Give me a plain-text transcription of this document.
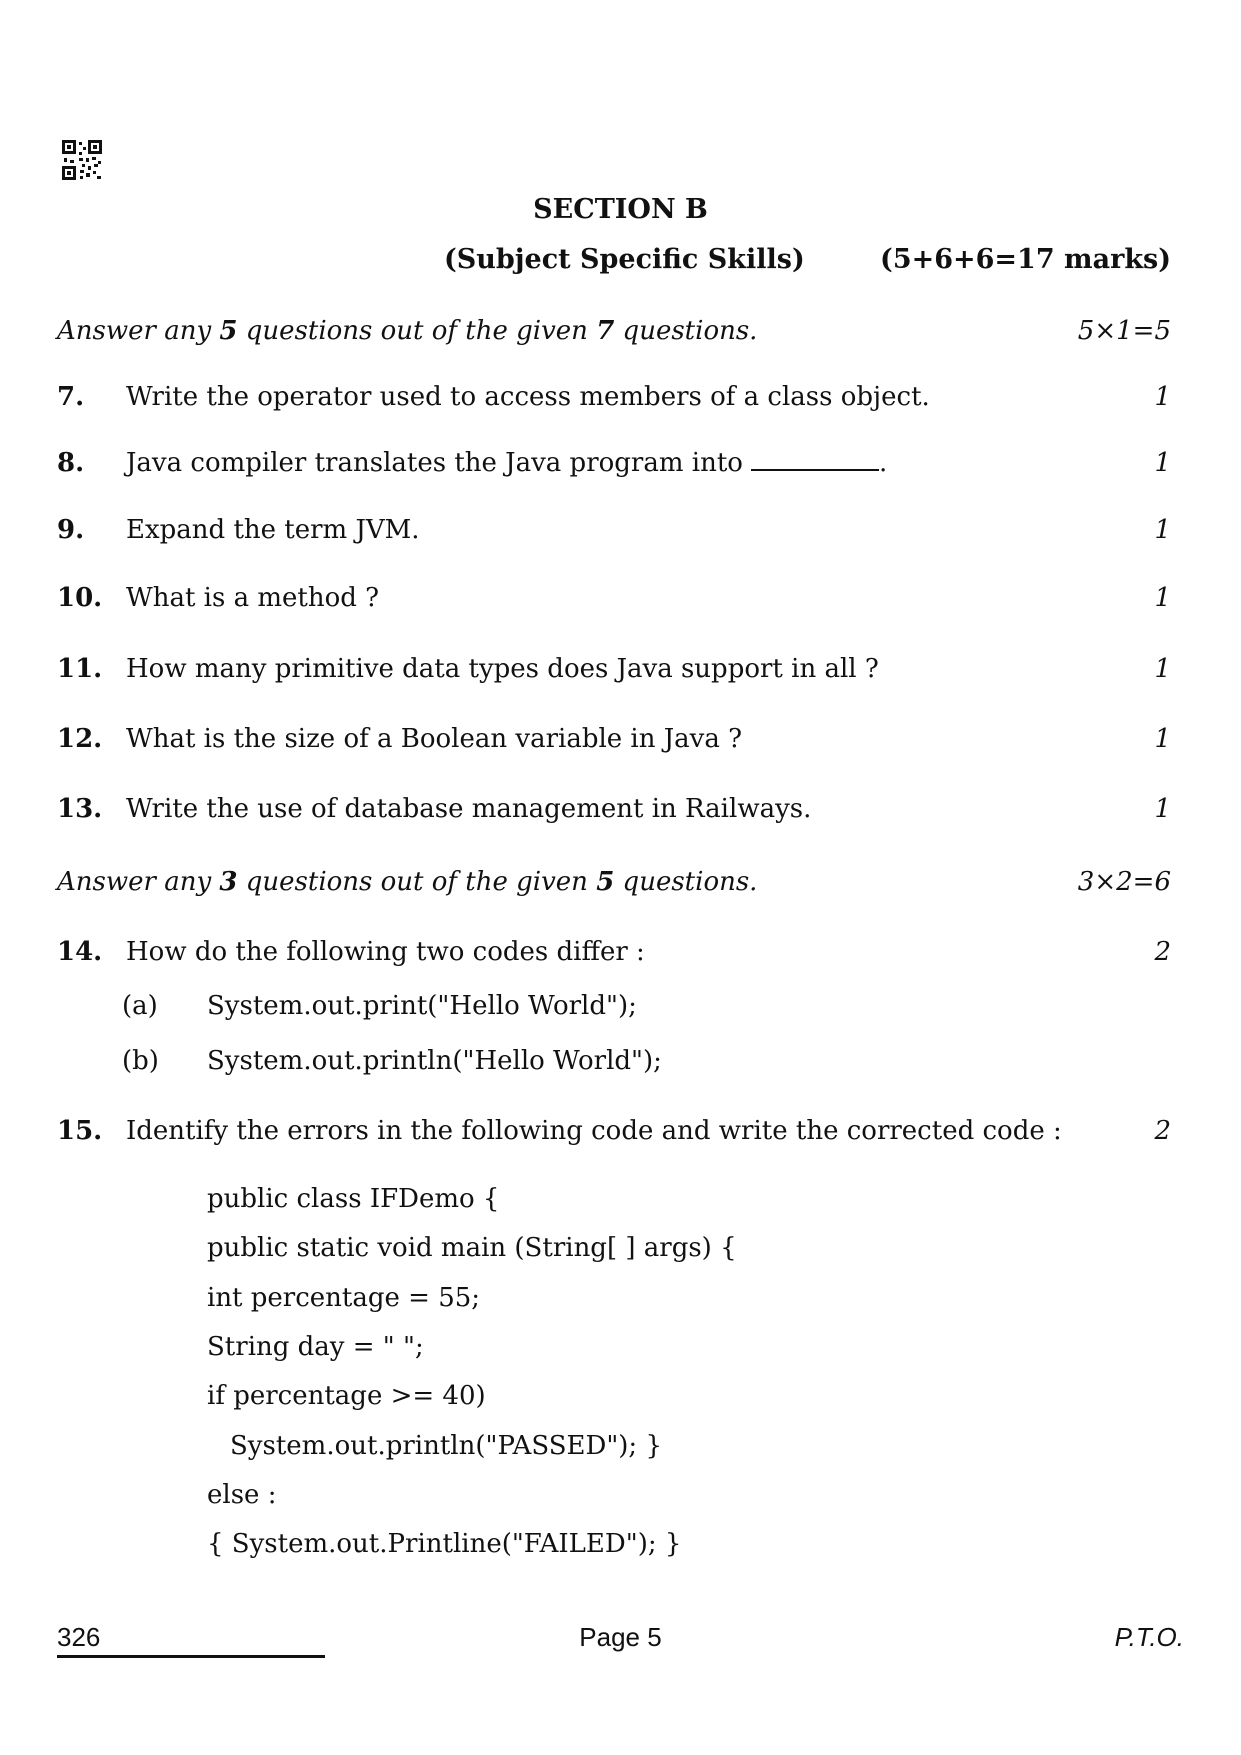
SECTION B
(Subject Specific Skills)	(5+6+6=17 marks)
Answer any 5 questions out of the given 7 questions.	5×1=5
7. Write the operator used to access members of a class object.	1
8. Java compiler translates the Java program into	.	1
9. Expand the term JVM.	1
10. What is a method ?	1
11. How many primitive data types does Java support in all ?	1
12. What is the size of a Boolean variable in Java ?	1
13. Write the use of database management in Railways.	1
Answer any 3 questions out of the given 5 questions.	3×2=6
14. How do the following two codes differ :	2
(a) System.out.print("Hello World");
(b) System.out.println("Hello World");
15. Identify the errors in the following code and write the corrected code :	2
public class IFDemo {
public static void main (String[ ] args) {
int percentage = 55;
String day = " ";
if percentage >= 40)
System.out.println("PASSED"); }
else :
{ System.out.Printline("FAILED"); }
326	Page 5	P.T.O.
